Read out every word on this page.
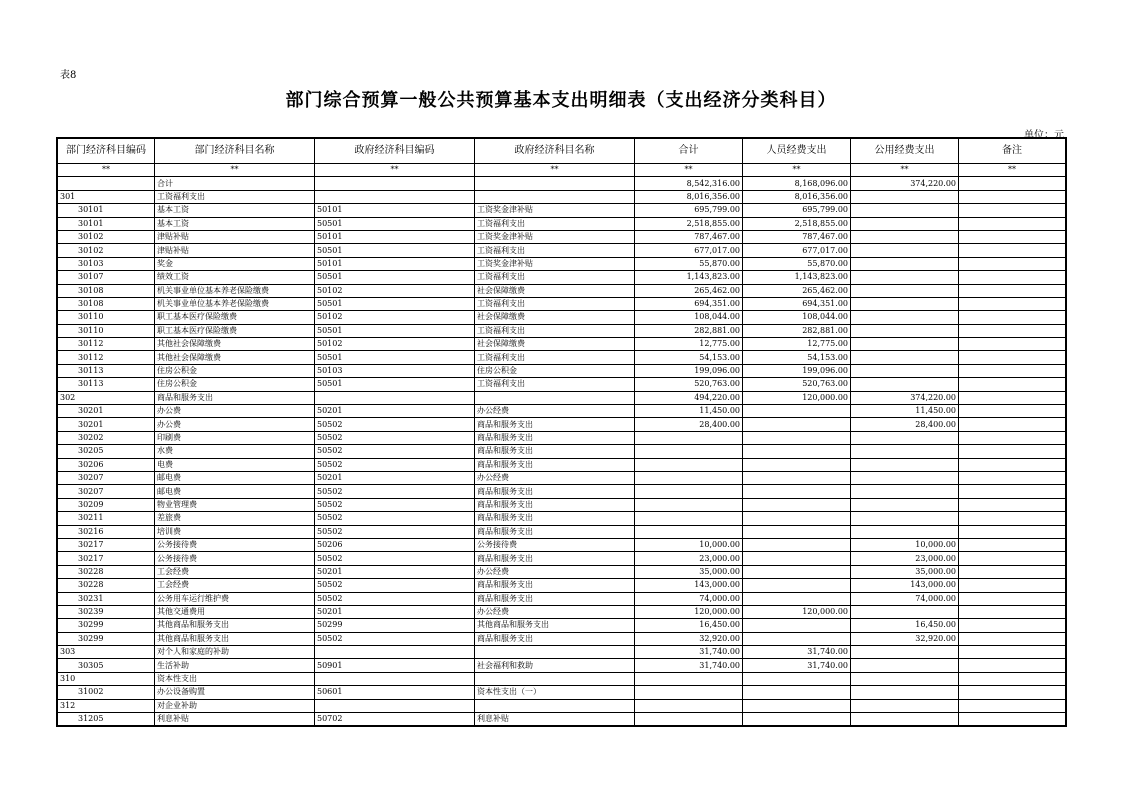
表8
部门综合预算一般公共预算基本支出明细表（支出经济分类科目）
单位：元
部门经济科目编码	部门经济科目名称	政府经济科目编码	政府经济科目名称	合计	人员经费支出	公用经费支出	备注
**	**	**	**	**	**	**	**
	合计			8,542,316.00	8,168,096.00	374,220.00	
301	工资福利支出			8,016,356.00	8,016,356.00		
30101	基本工资	50101	工资奖金津补贴	695,799.00	695,799.00		
30101	基本工资	50501	工资福利支出	2,518,855.00	2,518,855.00		
30102	津贴补贴	50101	工资奖金津补贴	787,467.00	787,467.00		
30102	津贴补贴	50501	工资福利支出	677,017.00	677,017.00		
30103	奖金	50101	工资奖金津补贴	55,870.00	55,870.00		
30107	绩效工资	50501	工资福利支出	1,143,823.00	1,143,823.00		
30108	机关事业单位基本养老保险缴费	50102	社会保障缴费	265,462.00	265,462.00		
30108	机关事业单位基本养老保险缴费	50501	工资福利支出	694,351.00	694,351.00		
30110	职工基本医疗保险缴费	50102	社会保障缴费	108,044.00	108,044.00		
30110	职工基本医疗保险缴费	50501	工资福利支出	282,881.00	282,881.00		
30112	其他社会保障缴费	50102	社会保障缴费	12,775.00	12,775.00		
30112	其他社会保障缴费	50501	工资福利支出	54,153.00	54,153.00		
30113	住房公积金	50103	住房公积金	199,096.00	199,096.00		
30113	住房公积金	50501	工资福利支出	520,763.00	520,763.00		
302	商品和服务支出			494,220.00	120,000.00	374,220.00	
30201	办公费	50201	办公经费	11,450.00		11,450.00	
30201	办公费	50502	商品和服务支出	28,400.00		28,400.00	
30202	印刷费	50502	商品和服务支出				
30205	水费	50502	商品和服务支出				
30206	电费	50502	商品和服务支出				
30207	邮电费	50201	办公经费				
30207	邮电费	50502	商品和服务支出				
30209	物业管理费	50502	商品和服务支出				
30211	差旅费	50502	商品和服务支出				
30216	培训费	50502	商品和服务支出				
30217	公务接待费	50206	公务接待费	10,000.00		10,000.00	
30217	公务接待费	50502	商品和服务支出	23,000.00		23,000.00	
30228	工会经费	50201	办公经费	35,000.00		35,000.00	
30228	工会经费	50502	商品和服务支出	143,000.00		143,000.00	
30231	公务用车运行维护费	50502	商品和服务支出	74,000.00		74,000.00	
30239	其他交通费用	50201	办公经费	120,000.00	120,000.00		
30299	其他商品和服务支出	50299	其他商品和服务支出	16,450.00		16,450.00	
30299	其他商品和服务支出	50502	商品和服务支出	32,920.00		32,920.00	
303	对个人和家庭的补助			31,740.00	31,740.00		
30305	生活补助	50901	社会福利和救助	31,740.00	31,740.00		
310	资本性支出						
31002	办公设备购置	50601	资本性支出（一）				
312	对企业补助						
31205	利息补贴	50702	利息补贴				
